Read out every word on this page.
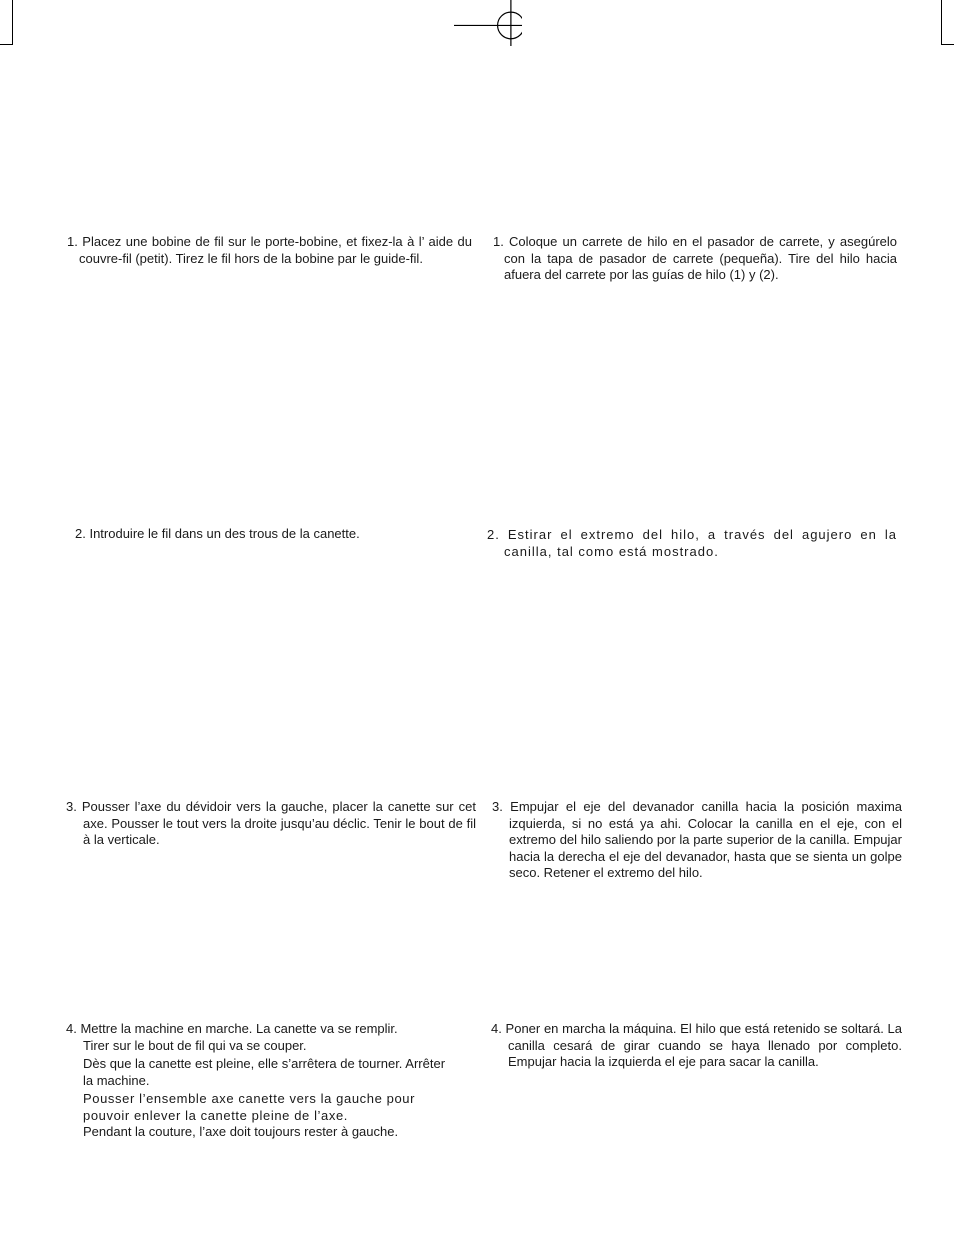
1. Placez une bobine de fil sur le porte-bobine, et fixez-la à l’ aide du couvre-fil (petit). Tirez le fil hors de la bobine par le guide-fil.

2. Introduire le fil dans un des trous de la canette.

3. Pousser l’axe du dévidoir vers la gauche, placer la canette sur cet axe. Pousser le tout vers la droite jusqu’au déclic. Tenir le bout de fil à la verticale.

4. Mettre la machine en marche. La canette va se remplir.

Tirer sur le bout de fil qui va se couper.

Dès que la canette est pleine, elle s’arrêtera de tourner. Arrêter la machine.

Pousser l’ensemble axe canette vers la gauche pour pouvoir enlever la canette pleine de l’axe.

Pendant la couture, l’axe doit toujours rester à gauche.

1. Coloque un carrete de hilo en el pasador de carrete, y asegúrelo con la tapa de pasador de carrete (pequeña). Tire del hilo hacia afuera del carrete por las guías de hilo (1) y (2).

2. Estirar el extremo del hilo, a través del agujero en la canilla, tal como está mostrado.

3. Empujar el eje del devanador canilla hacia la posición maxima izquierda, si no está ya ahi. Colocar la canilla en el eje, con el extremo del hilo saliendo por la parte superior de la canilla. Empujar hacia la derecha el eje del devanador, hasta que se sienta un golpe seco. Retener el extremo del hilo.

4. Poner en marcha la máquina. El hilo que está retenido se soltará. La canilla cesará de girar cuando se haya llenado por completo. Empujar hacia la izquierda el eje para sacar la canilla.
